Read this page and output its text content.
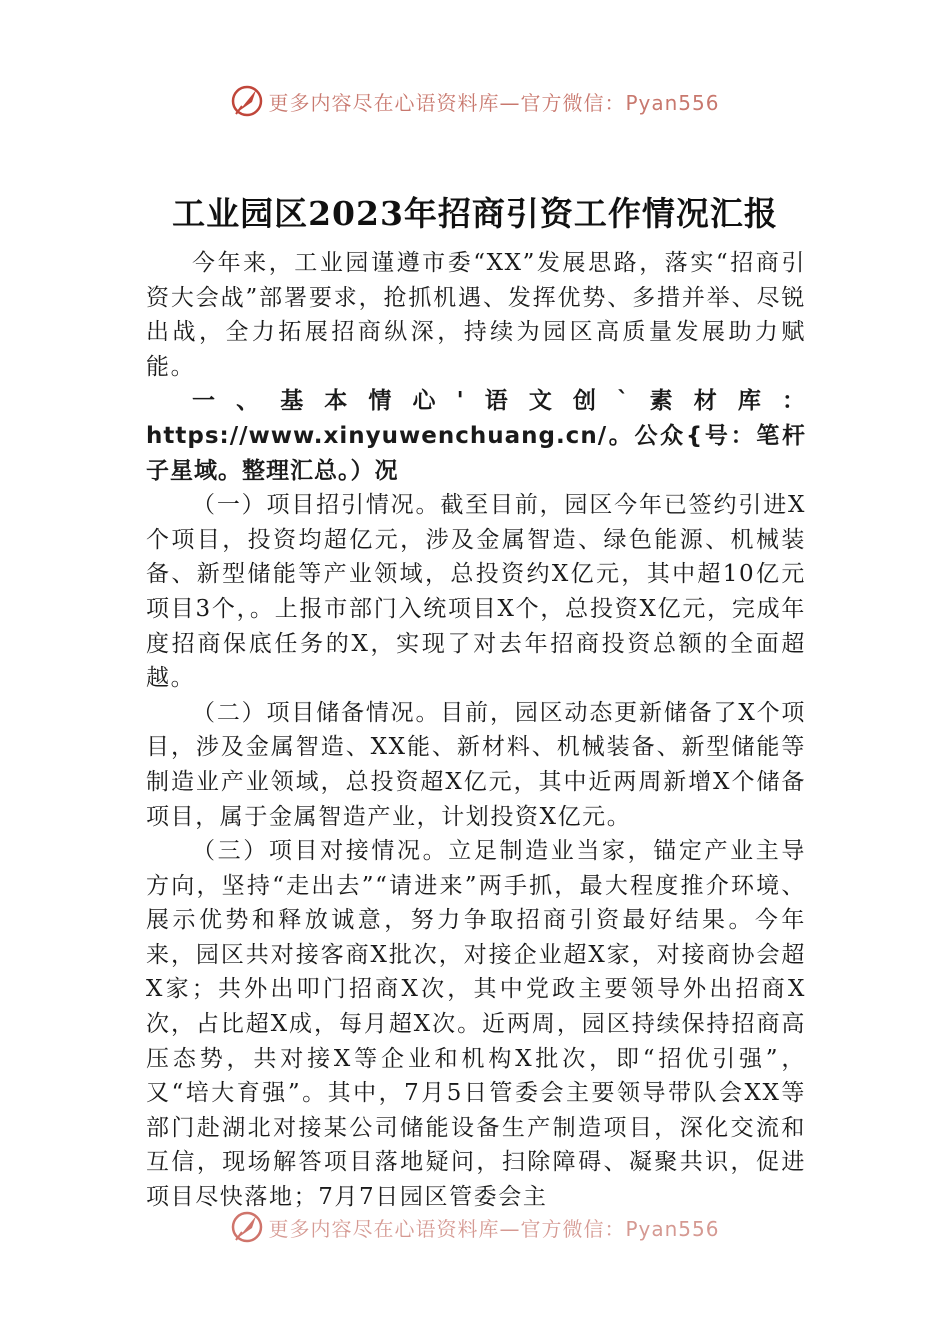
更多内容尽在心语资料库—官方微信：Pyan556
工业园区2023年招商引资工作情况汇报

今年来，工业园谨遵市委“XX”发展思路，落实“招商引资大会战”部署要求，抢抓机遇、发挥优势、多措并举、尽锐出战，全力拓展招商纵深，持续为园区高质量发展助力赋能。

一、基本情心'语文创`素材库：https://www.xinyuwenchuang.cn/。公众{号：笔杆子星域。整理汇总。）况

（一）项目招引情况。截至目前，园区今年已签约引进X个项目，投资均超亿元，涉及金属智造、绿色能源、机械装备、新型储能等产业领域，总投资约X亿元，其中超10亿元项目3个，。上报市部门入统项目X个，总投资X亿元，完成年度招商保底任务的X，实现了对去年招商投资总额的全面超越。

（二）项目储备情况。目前，园区动态更新储备了X个项目，涉及金属智造、XX能、新材料、机械装备、新型储能等制造业产业领域，总投资超X亿元，其中近两周新增X个储备项目，属于金属智造产业，计划投资X亿元。

（三）项目对接情况。立足制造业当家，锚定产业主导方向，坚持“走出去”“请进来”两手抓，最大程度推介环境、展示优势和释放诚意，努力争取招商引资最好结果。今年来，园区共对接客商X批次，对接企业超X家，对接商协会超X家；共外出叩门招商X次，其中党政主要领导外出招商X次，占比超X成，每月超X次。近两周，园区持续保持招商高压态势，共对接X等企业和机构X批次，即“招优引强”，又“培大育强”。其中，7月5日管委会主要领导带队会XX等部门赴湖北对接某公司储能设备生产制造项目，深化交流和互信，现场解答项目落地疑问，扫除障碍、凝聚共识，促进项目尽快落地；7月7日园区管委会主

更多内容尽在心语资料库—官方微信：Pyan556
